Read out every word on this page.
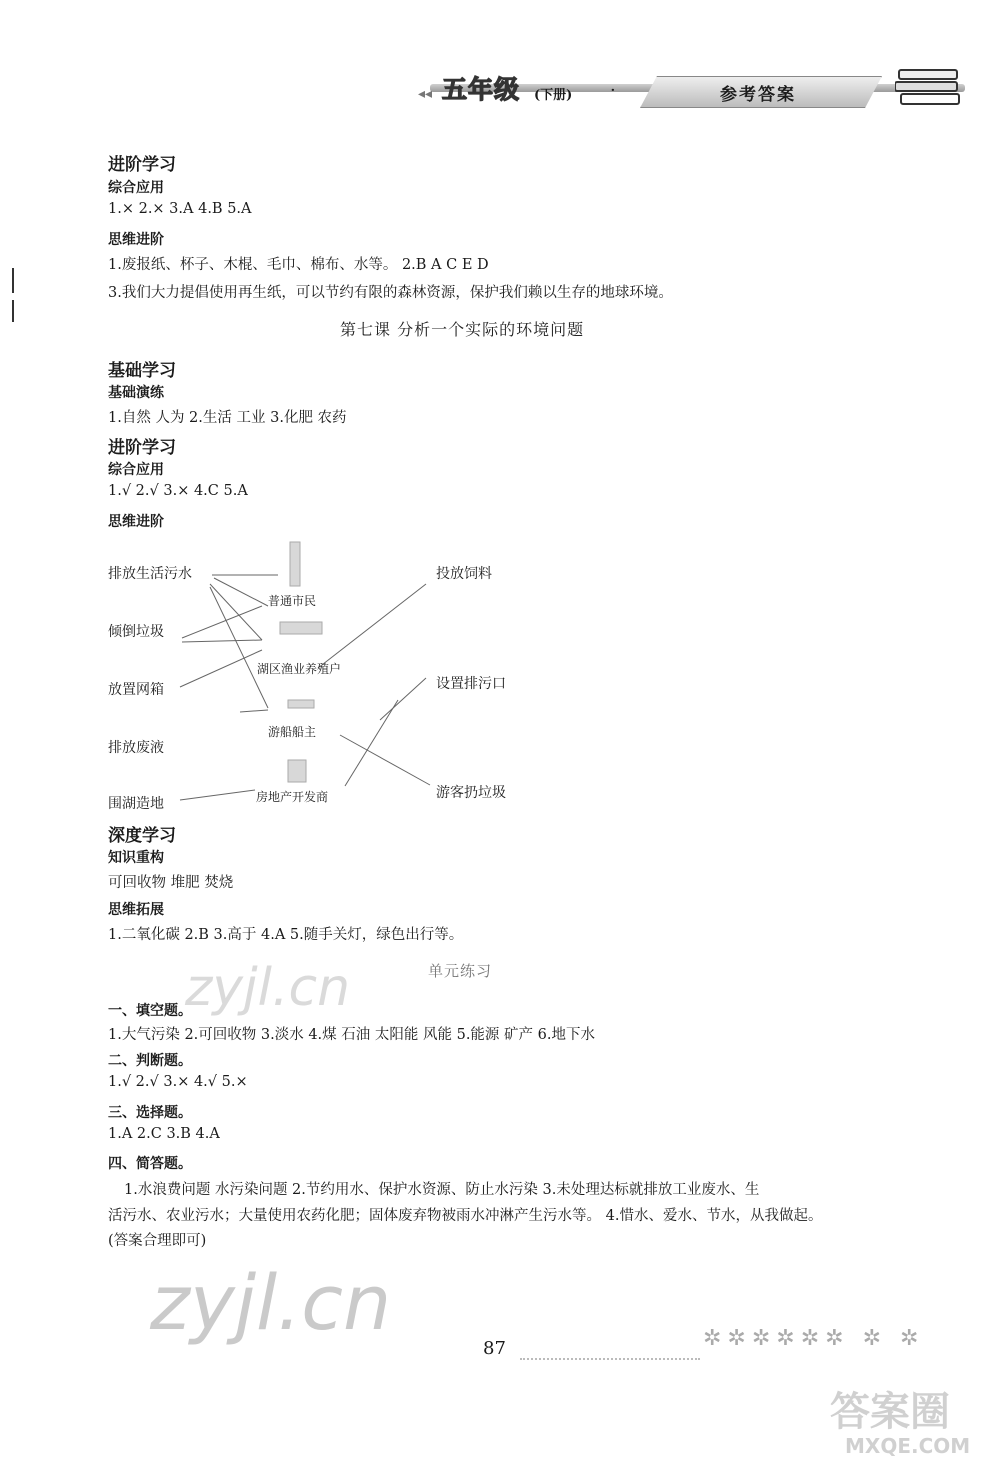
◂◂ 五年级 (下册) ·	参考答案
进阶学习
综合应用
1.× 2.× 3.A 4.B 5.A
思维进阶
1.废报纸、杯子、木棍、毛巾、棉布、水等。 2.B A C E D
3.我们大力提倡使用再生纸，可以节约有限的森林资源，保护我们赖以生存的地球环境。
第七课 分析一个实际的环境问题
基础学习
基础演练
1.自然 人为 2.生活 工业 3.化肥 农药
进阶学习
综合应用
1.√ 2.√ 3.× 4.C 5.A
思维进阶
排放生活污水
倾倒垃圾
放置网箱
排放废液
围湖造地
普通市民
湖区渔业养殖户
游船船主
房地产开发商
投放饲料
设置排污口
游客扔垃圾
深度学习
知识重构
可回收物 堆肥 焚烧
思维拓展
1.二氧化碳 2.B 3.高于 4.A 5.随手关灯，绿色出行等。
单元练习
一、填空题。
1.大气污染 2.可回收物 3.淡水 4.煤 石油 太阳能 风能 5.能源 矿产 6.地下水
二、判断题。
1.√ 2.√ 3.× 4.√ 5.×
三、选择题。
1.A 2.C 3.B 4.A
四、简答题。
1.水浪费问题 水污染问题 2.节约用水、保护水资源、防止水污染 3.未处理达标就排放工业废水、生
活污水、农业污水；大量使用农药化肥；固体废弃物被雨水冲淋产生污水等。 4.惜水、爱水、节水，从我做起。
(答案合理即可)
zyjl.cn
zyjl.cn
答案圈
MXQE.COM
87	✲✲✲✲✲✲ ✲ ✲
